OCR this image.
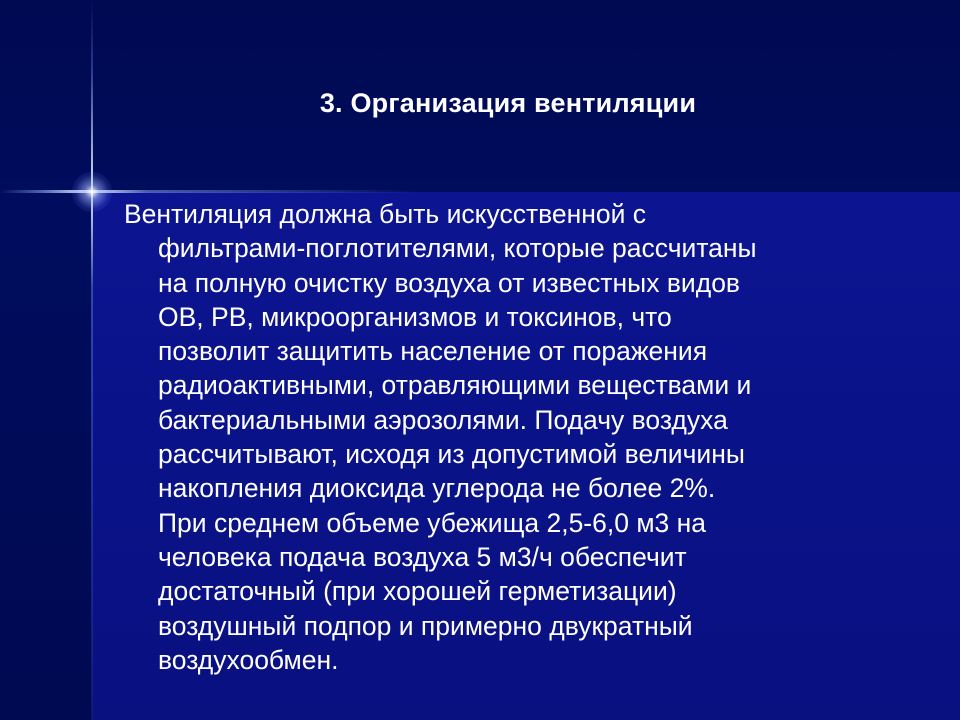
3. Организация вентиляции
Вентиляция должна быть искусственной с
фильтрами-поглотителями, которые рассчитаны
на полную очистку воздуха от известных видов
ОВ, РВ, микроорганизмов и токсинов, что
позволит защитить население от поражения
радиоактивными, отравляющими веществами и
бактериальными аэрозолями. Подачу воздуха
рассчитывают, исходя из допустимой величины
накопления диоксида углерода не более 2%.
При среднем объеме убежища 2,5-6,0 м3 на
человека подача воздуха 5 м3/ч обеспечит
достаточный (при хорошей герметизации)
воздушный подпор и примерно двукратный
воздухообмен.
